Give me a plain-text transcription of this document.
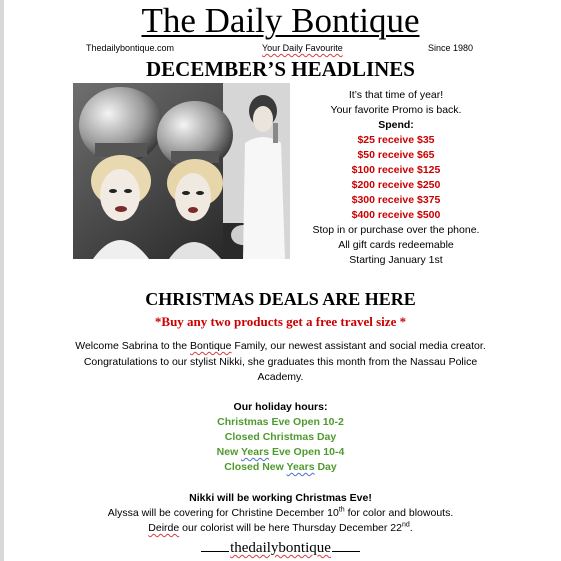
The Daily Bontique
Thedailybontique.com	Your Daily Favourite	Since 1980
DECEMBER’S HEADLINES
It’s that time of year!
Your favorite Promo is back.
Spend:
$25 receive $35
$50 receive $65
$100 receive $125
$200 receive $250
$300 receive $375
$400 receive $500
Stop in or purchase over the phone.
All gift cards redeemable
Starting January 1st
CHRISTMAS DEALS ARE HERE
*Buy any two products get a free travel size *
Welcome Sabrina to the Bontique Family, our newest assistant and social media creator. Congratulations to our stylist Nikki, she graduates this month from the Nassau Police Academy.
Our holiday hours:
Christmas Eve Open 10-2
Closed Christmas Day
New Years Eve Open 10-4
Closed New Years Day
Nikki will be working Christmas Eve!
Alyssa will be covering for Christine December 10th for color and blowouts.
Deirde our colorist will be here Thursday December 22nd.
thedailybontique
